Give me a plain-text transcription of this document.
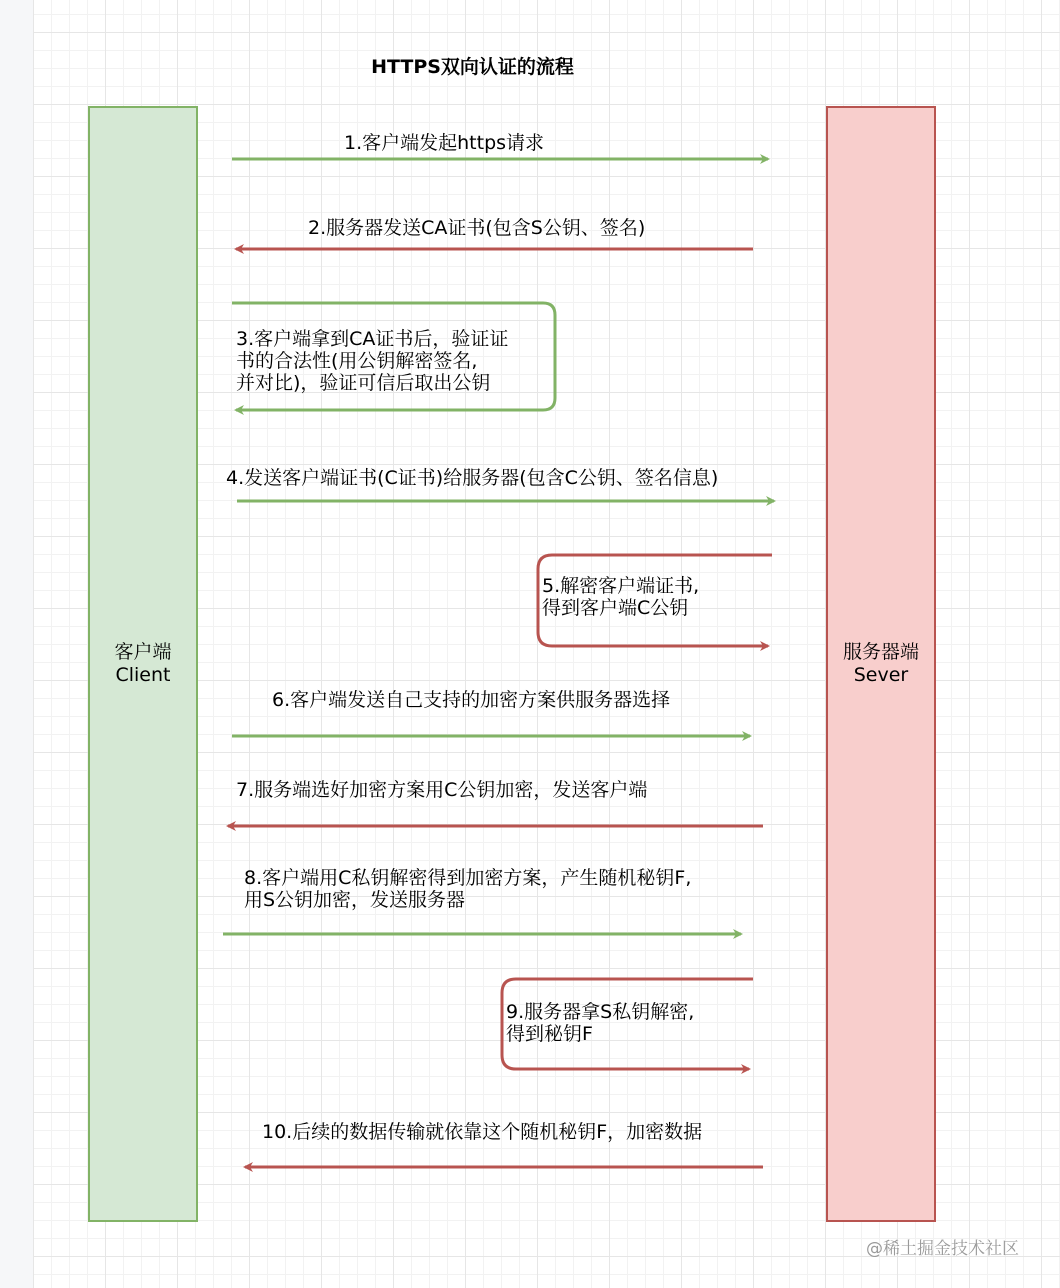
HTTPS双向认证的流程
客户端
Client
服务器端
Sever
1.客户端发起https请求
2.服务器发送CA证书(包含S公钥、签名)
3.客户端拿到CA证书后，验证证
书的合法性(用公钥解密签名,
并对比)，验证可信后取出公钥
4.发送客户端证书(C证书)给服务器(包含C公钥、签名信息)
5.解密客户端证书,
得到客户端C公钥
6.客户端发送自己支持的加密方案供服务器选择
7.服务端选好加密方案用C公钥加密，发送客户端
8.客户端用C私钥解密得到加密方案，产生随机秘钥F,
用S公钥加密，发送服务器
9.服务器拿S私钥解密,
得到秘钥F
10.后续的数据传输就依靠这个随机秘钥F，加密数据
@稀土掘金技术社区
